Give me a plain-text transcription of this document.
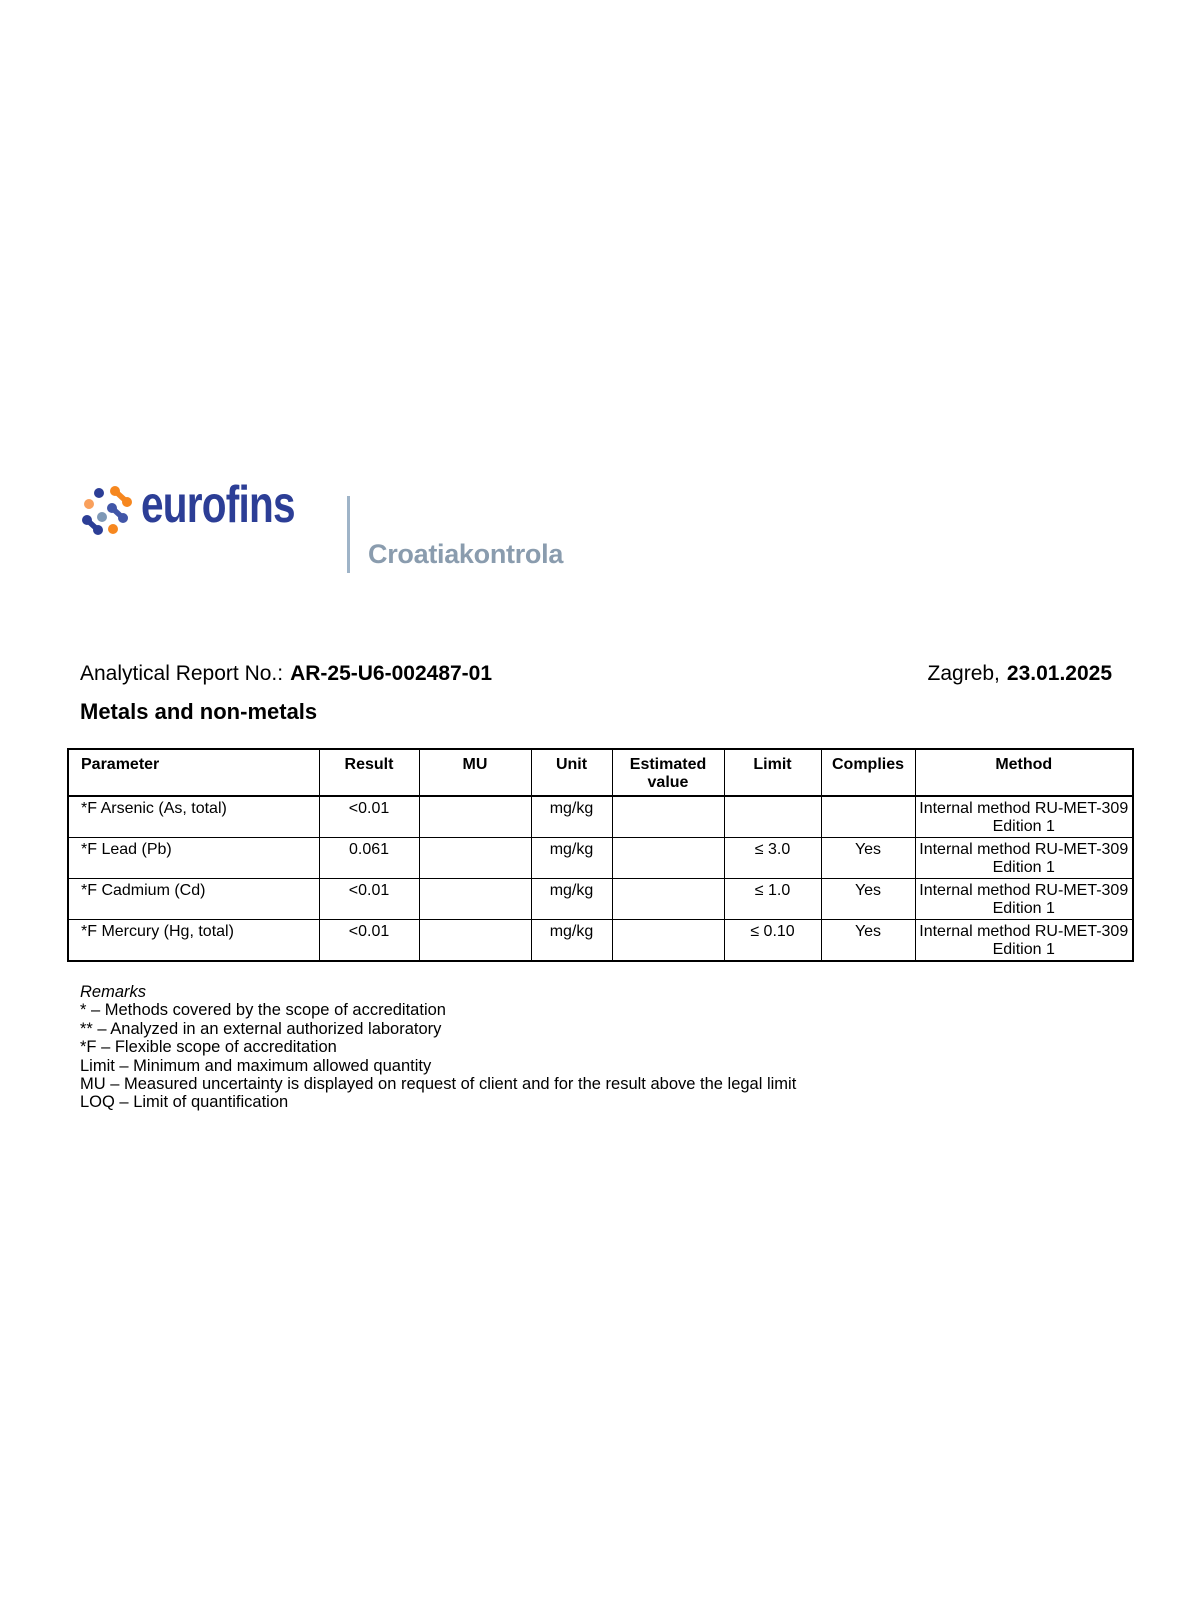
eurofins
Croatiakontrola
Analytical Report No.: AR-25-U6-002487-01	Zagreb, 23.01.2025
Metals and non-metals
Parameter	Result	MU	Unit	Estimated value	Limit	Complies	Method
*F Arsenic (As, total)	<0.01		mg/kg				Internal method RU-MET-309 Edition 1
*F Lead (Pb)	0.061		mg/kg		≤ 3.0	Yes	Internal method RU-MET-309 Edition 1
*F Cadmium (Cd)	<0.01		mg/kg		≤ 1.0	Yes	Internal method RU-MET-309 Edition 1
*F Mercury (Hg, total)	<0.01		mg/kg		≤ 0.10	Yes	Internal method RU-MET-309 Edition 1
Remarks
* – Methods covered by the scope of accreditation
** – Analyzed in an external authorized laboratory
*F – Flexible scope of accreditation
Limit – Minimum and maximum allowed quantity
MU – Measured uncertainty is displayed on request of client and for the result above the legal limit
LOQ – Limit of quantification
